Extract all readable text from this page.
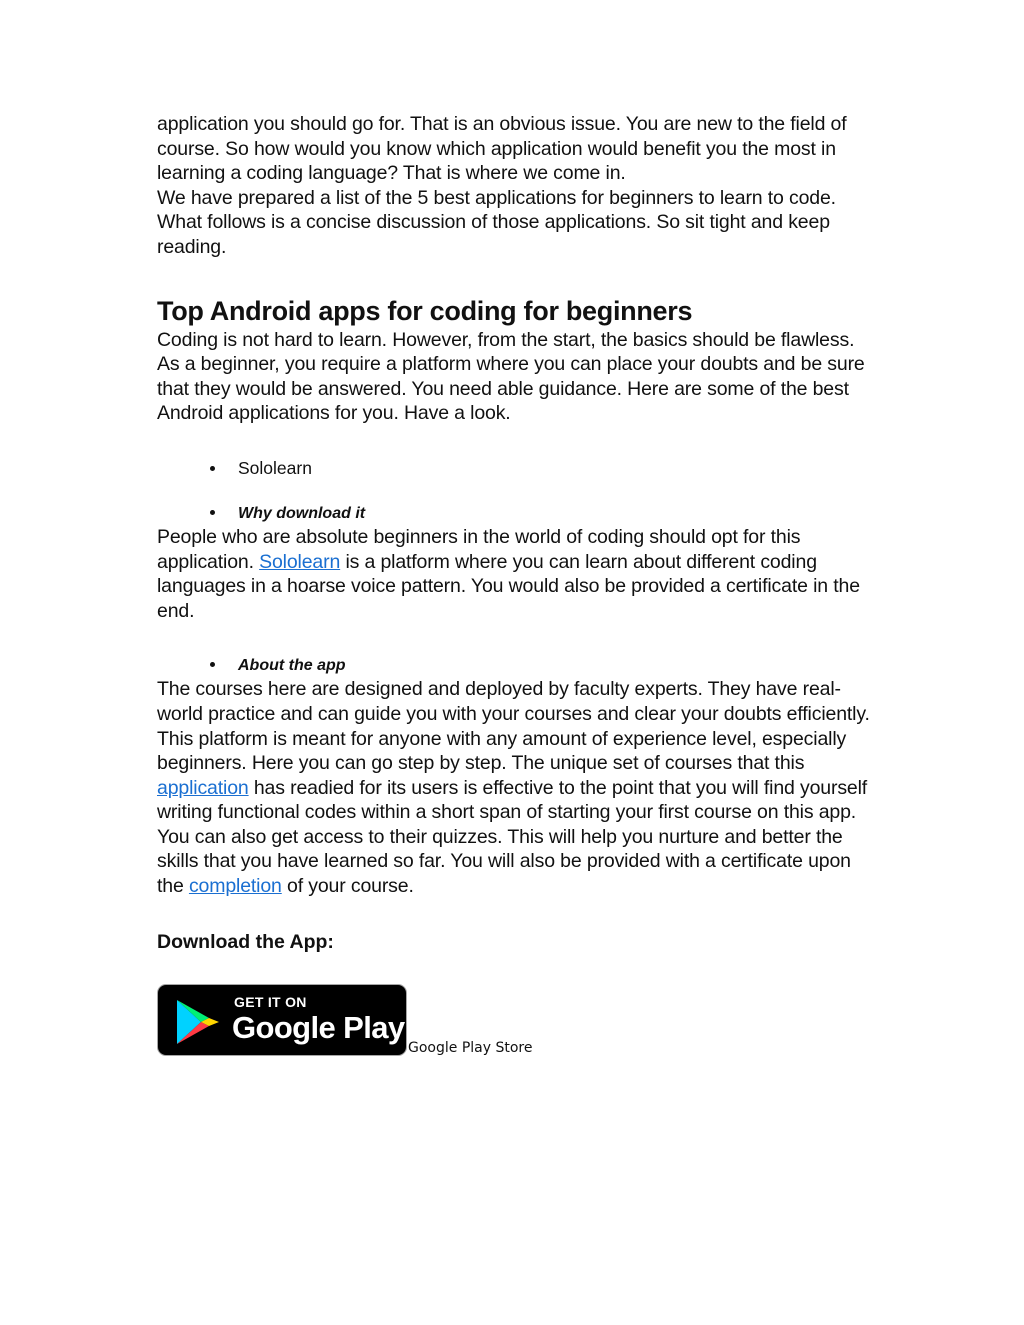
application you should go for. That is an obvious issue. You are new to the field of course. So how would you know which application would benefit you the most in learning a coding language? That is where we come in.

We have prepared a list of the 5 best applications for beginners to learn to code. What follows is a concise discussion of those applications. So sit tight and keep reading.

Top Android apps for coding for beginners

Coding is not hard to learn. However, from the start, the basics should be flawless. As a beginner, you require a platform where you can place your doubts and be sure that they would be answered. You need able guidance. Here are some of the best Android applications for you. Have a look.

Sololearn
Why download it

People who are absolute beginners in the world of coding should opt for this application. Sololearn is a platform where you can learn about different coding languages in a hoarse voice pattern. You would also be provided a certificate in the end.

About the app

The courses here are designed and deployed by faculty experts. They have real-world practice and can guide you with your courses and clear your doubts efficiently. This platform is meant for anyone with any amount of experience level, especially beginners. Here you can go step by step. The unique set of courses that this application has readied for its users is effective to the point that you will find yourself writing functional codes within a short span of starting your first course on this app. You can also get access to their quizzes. This will help you nurture and better the skills that you have learned so far. You will also be provided with a certificate upon the completion of your course.

Download the App:
GET IT ON
Google Play
Google Play Store
